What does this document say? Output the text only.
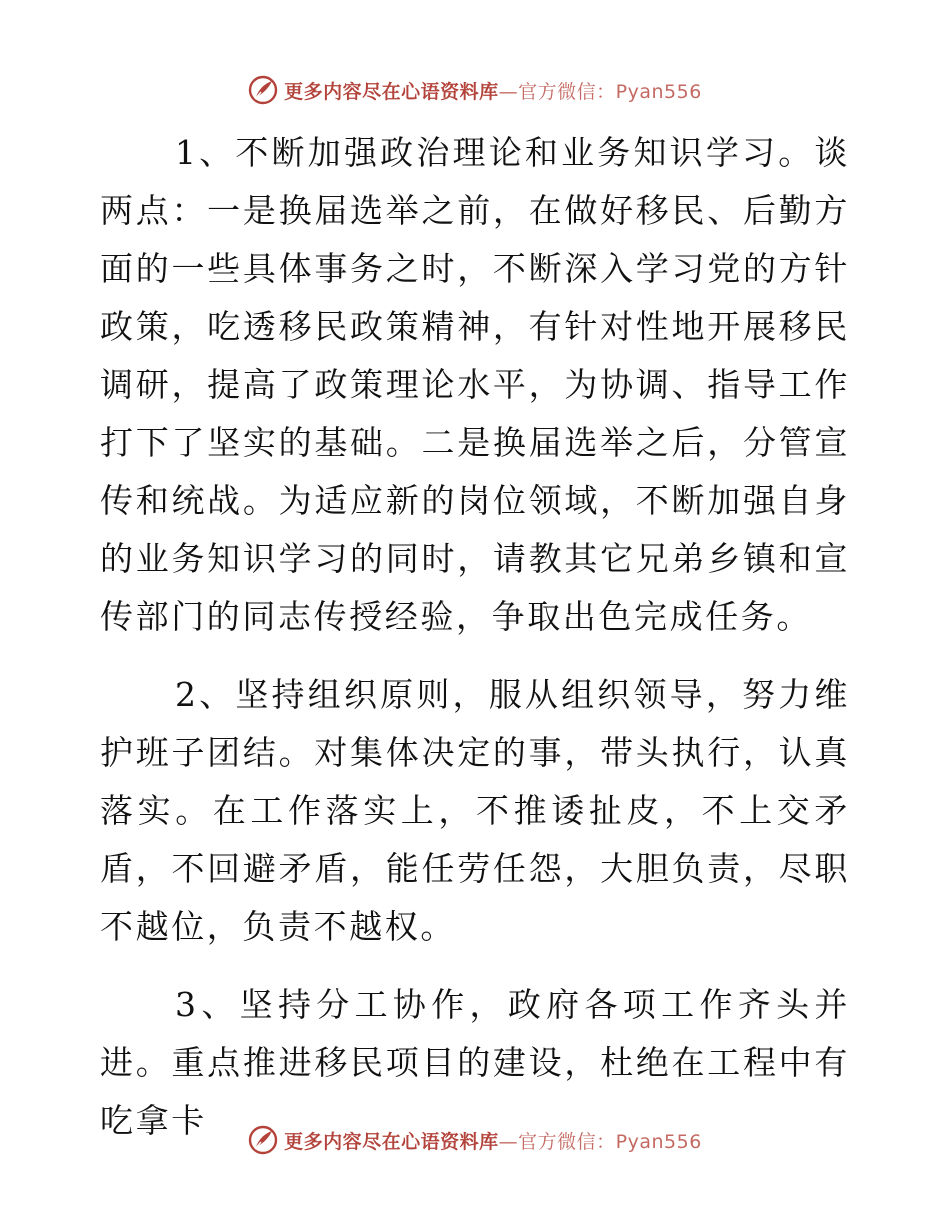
更多内容尽在心语资料库—官方微信：Pyan556

1、不断加强政治理论和业务知识学习。谈两点：一是换届选举之前，在做好移民、后勤方面的一些具体事务之时，不断深入学习党的方针政策，吃透移民政策精神，有针对性地开展移民调研，提高了政策理论水平，为协调、指导工作打下了坚实的基础。二是换届选举之后，分管宣传和统战。为适应新的岗位领域，不断加强自身的业务知识学习的同时，请教其它兄弟乡镇和宣传部门的同志传授经验，争取出色完成任务。

2、坚持组织原则，服从组织领导，努力维护班子团结。对集体决定的事，带头执行，认真落实。在工作落实上，不推诿扯皮，不上交矛盾，不回避矛盾，能任劳任怨，大胆负责，尽职不越位，负责不越权。

3、坚持分工协作，政府各项工作齐头并进。重点推进移民项目的建设，杜绝在工程中有吃拿卡

更多内容尽在心语资料库—官方微信：Pyan556
